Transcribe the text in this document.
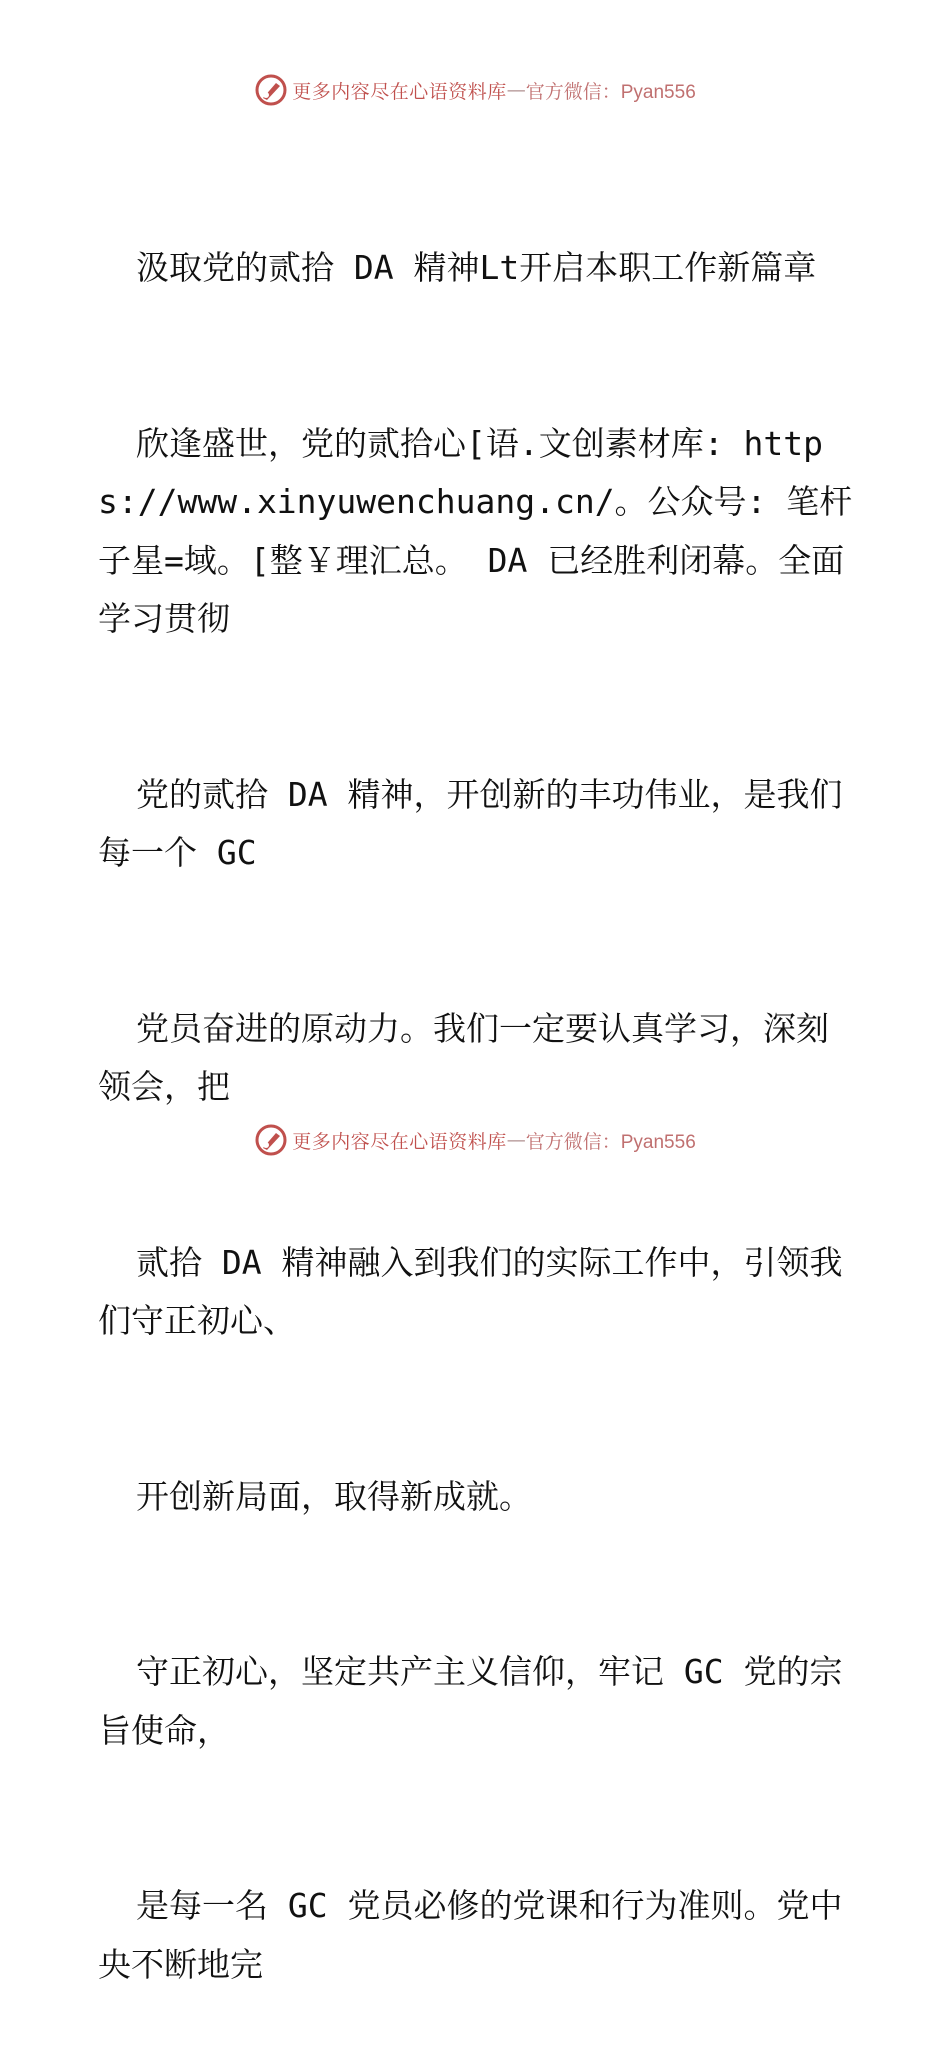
更多内容尽在心语资料库 — 官方微信：Pyan556

汲取党的贰拾 DA 精神Lt开启本职工作新篇章

欣逢盛世，党的贰拾心[语.文创素材库: https://www.xinyuwenchuang.cn/。公众号: 笔杆子星=域。[整￥理汇总。 DA 已经胜利闭幕。全面学习贯彻

党的贰拾 DA 精神，开创新的丰功伟业，是我们每一个 GC

党员奋进的原动力。我们一定要认真学习，深刻领会，把

贰拾 DA 精神融入到我们的实际工作中，引领我们守正初心、

开创新局面，取得新成就。

守正初心，坚定共产主义信仰，牢记 GC 党的宗旨使命，

是每一名 GC 党员必修的党课和行为准则。党中央不断地完

更多内容尽在心语资料库 — 官方微信：Pyan556
